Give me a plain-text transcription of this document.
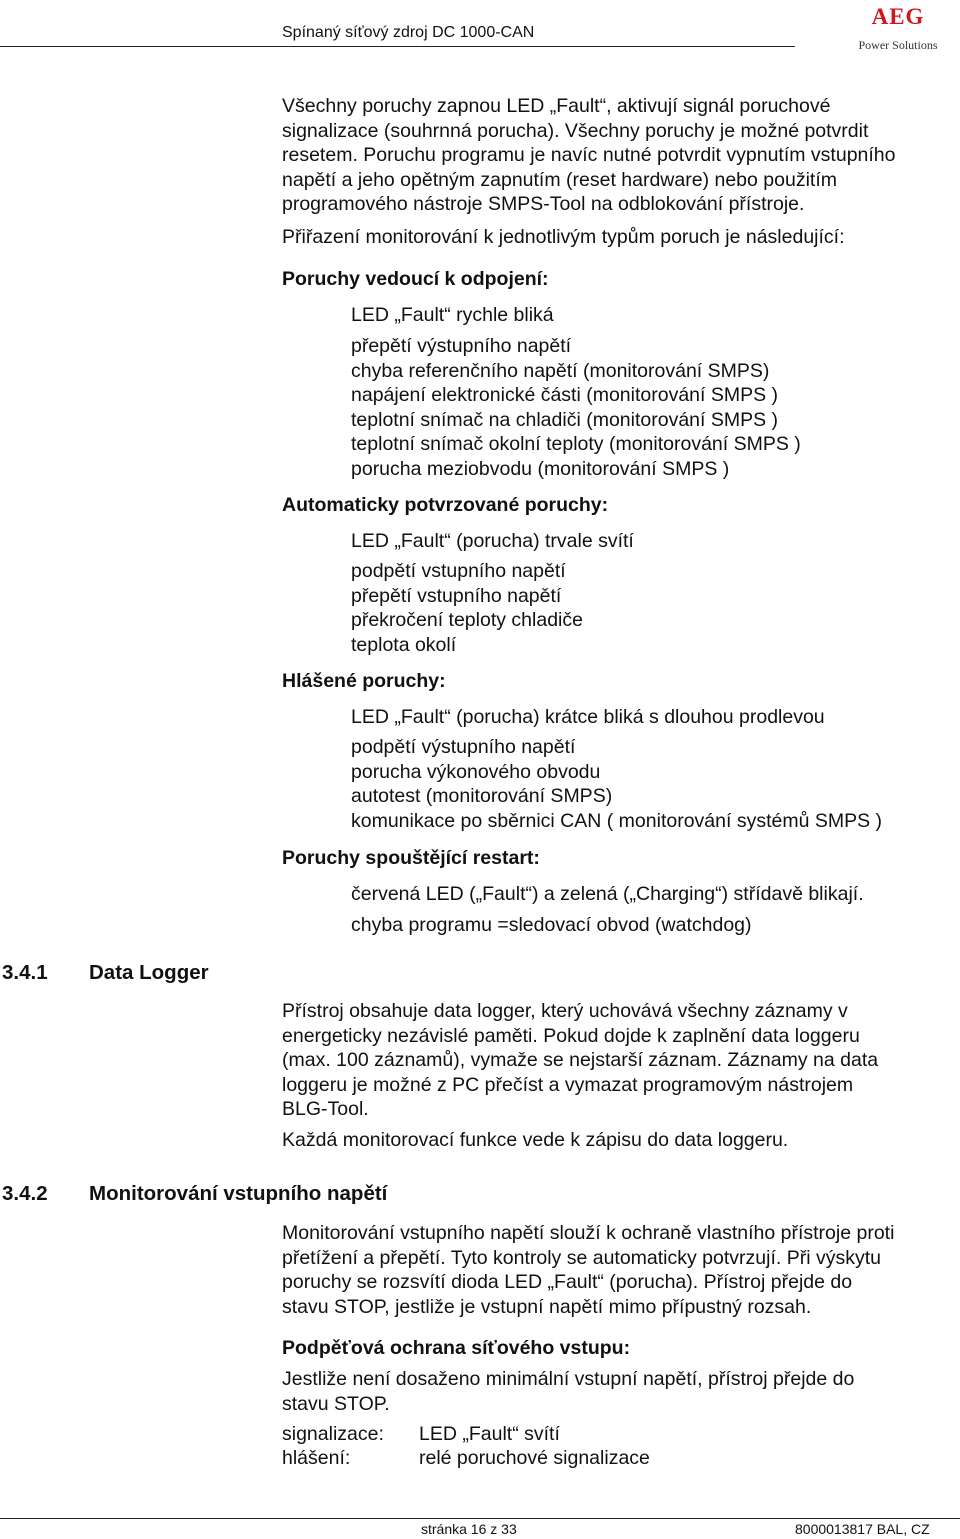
Spínaný síťový zdroj DC 1000-CAN
AEG
Power Solutions
Všechny poruchy zapnou LED „Fault“, aktivují signál poruchové
signalizace (souhrnná porucha). Všechny poruchy je možné potvrdit
resetem. Poruchu programu je navíc nutné potvrdit vypnutím vstupního
napětí a jeho opětným zapnutím (reset hardware) nebo použitím
programového nástroje SMPS-Tool na odblokování přístroje.
Přiřazení monitorování k jednotlivým typům poruch je následující:
Poruchy vedoucí k odpojení:
LED „Fault“ rychle bliká
přepětí výstupního napětí
chyba referenčního napětí (monitorování SMPS)
napájení elektronické části (monitorování SMPS )
teplotní snímač na chladiči (monitorování SMPS )
teplotní snímač okolní teploty (monitorování SMPS )
porucha meziobvodu (monitorování SMPS )
Automaticky potvrzované poruchy:
LED „Fault“ (porucha) trvale svítí
podpětí vstupního napětí
přepětí vstupního napětí
překročení teploty chladiče
teplota okolí
Hlášené poruchy:
LED „Fault“ (porucha) krátce bliká s dlouhou prodlevou
podpětí výstupního napětí
porucha výkonového obvodu
autotest (monitorování SMPS)
komunikace po sběrnici CAN ( monitorování systémů SMPS )
Poruchy spouštějící restart:
červená LED („Fault“) a zelená („Charging“) střídavě blikají.
chyba programu =sledovací obvod (watchdog)
3.4.1 Data Logger
Přístroj obsahuje data logger, který uchovává všechny záznamy v
energeticky nezávislé paměti. Pokud dojde k zaplnění data loggeru
(max. 100 záznamů), vymaže se nejstarší záznam. Záznamy na data
loggeru je možné z PC přečíst a vymazat programovým nástrojem
BLG-Tool.
Každá monitorovací funkce vede k zápisu do data loggeru.
3.4.2 Monitorování vstupního napětí
Monitorování vstupního napětí slouží k ochraně vlastního přístroje proti
přetížení a přepětí. Tyto kontroly se automaticky potvrzují. Při výskytu
poruchy se rozsvítí dioda LED „Fault“ (porucha). Přístroj přejde do
stavu STOP, jestliže je vstupní napětí mimo přípustný rozsah.
Podpěťová ochrana síťového vstupu:
Jestliže není dosaženo minimální vstupní napětí, přístroj přejde do
stavu STOP.
signalizace: LED „Fault“ svítí
hlášení:	relé poruchové signalizace
stránka 16 z 33	8000013817 BAL, CZ
